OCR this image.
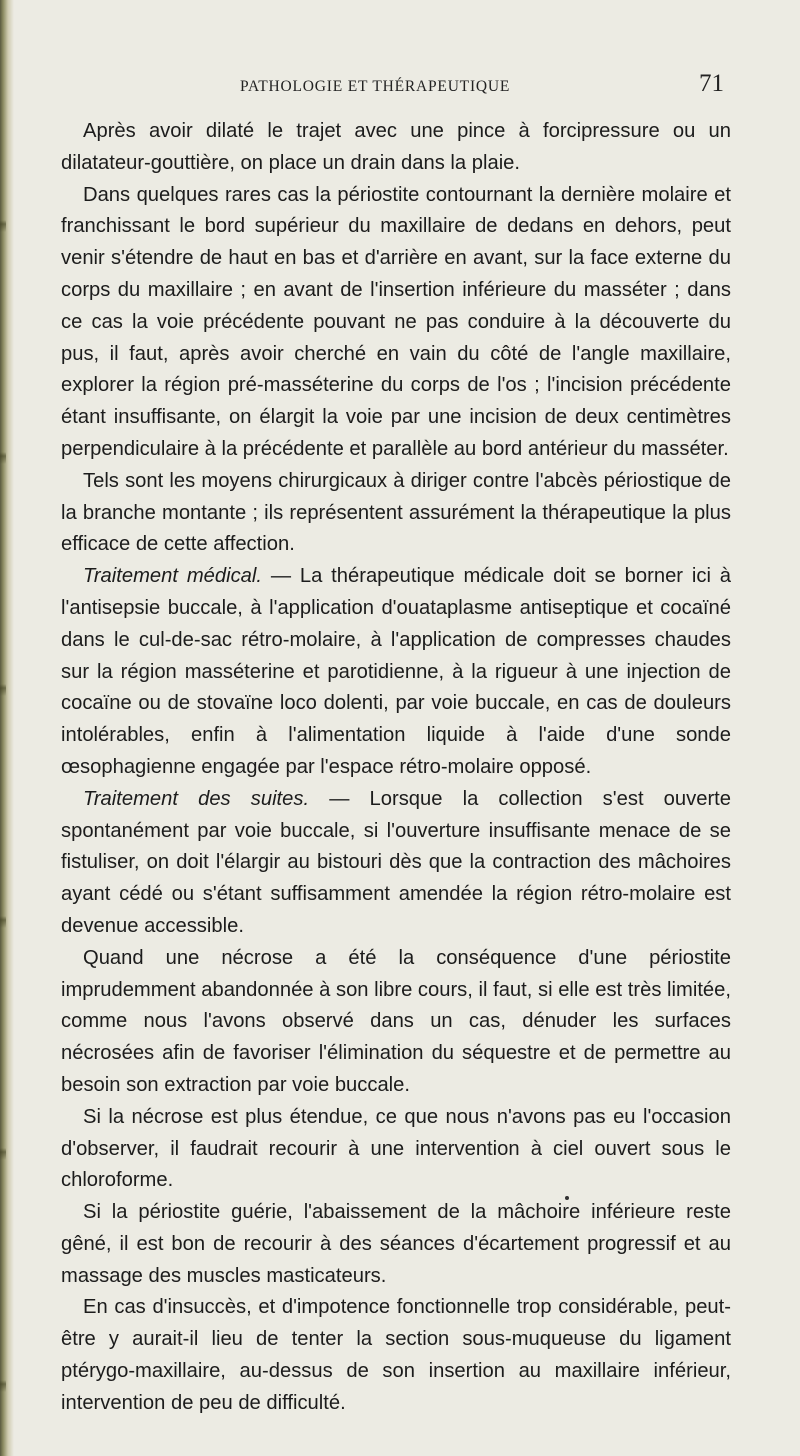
PATHOLOGIE ET THÉRAPEUTIQUE	71

Après avoir dilaté le trajet avec une pince à forcipressure ou un dilatateur-gouttière, on place un drain dans la plaie.

Dans quelques rares cas la périostite contournant la dernière molaire et franchissant le bord supérieur du maxillaire de dedans en dehors, peut venir s'étendre de haut en bas et d'arrière en avant, sur la face externe du corps du maxillaire ; en avant de l'insertion inférieure du masséter ; dans ce cas la voie précédente pouvant ne pas conduire à la découverte du pus, il faut, après avoir cherché en vain du côté de l'angle maxillaire, explorer la région pré-masséterine du corps de l'os ; l'incision précédente étant insuffisante, on élargit la voie par une incision de deux centimètres perpendiculaire à la précédente et parallèle au bord antérieur du masséter.

Tels sont les moyens chirurgicaux à diriger contre l'abcès périostique de la branche montante ; ils représentent assurément la thérapeutique la plus efficace de cette affection.

Traitement médical. — La thérapeutique médicale doit se borner ici à l'antisepsie buccale, à l'application d'ouataplasme antiseptique et cocaïné dans le cul-de-sac rétro-molaire, à l'application de compresses chaudes sur la région masséterine et parotidienne, à la rigueur à une injection de cocaïne ou de stovaïne loco dolenti, par voie buccale, en cas de douleurs intolérables, enfin à l'alimentation liquide à l'aide d'une sonde œsophagienne engagée par l'espace rétro-molaire opposé.

Traitement des suites. — Lorsque la collection s'est ouverte spontanément par voie buccale, si l'ouverture insuffisante menace de se fistuliser, on doit l'élargir au bistouri dès que la contraction des mâchoires ayant cédé ou s'étant suffisamment amendée la région rétro-molaire est devenue accessible.

Quand une nécrose a été la conséquence d'une périostite imprudemment abandonnée à son libre cours, il faut, si elle est très limitée, comme nous l'avons observé dans un cas, dénuder les surfaces nécrosées afin de favoriser l'élimination du séquestre et de permettre au besoin son extraction par voie buccale.

Si la nécrose est plus étendue, ce que nous n'avons pas eu l'occasion d'observer, il faudrait recourir à une intervention à ciel ouvert sous le chloroforme.

Si la périostite guérie, l'abaissement de la mâchoire inférieure reste gêné, il est bon de recourir à des séances d'écartement progressif et au massage des muscles masticateurs.

En cas d'insuccès, et d'impotence fonctionnelle trop considérable, peut-être y aurait-il lieu de tenter la section sous-muqueuse du ligament ptérygo-maxillaire, au-dessus de son insertion au maxillaire inférieur, intervention de peu de difficulté.
